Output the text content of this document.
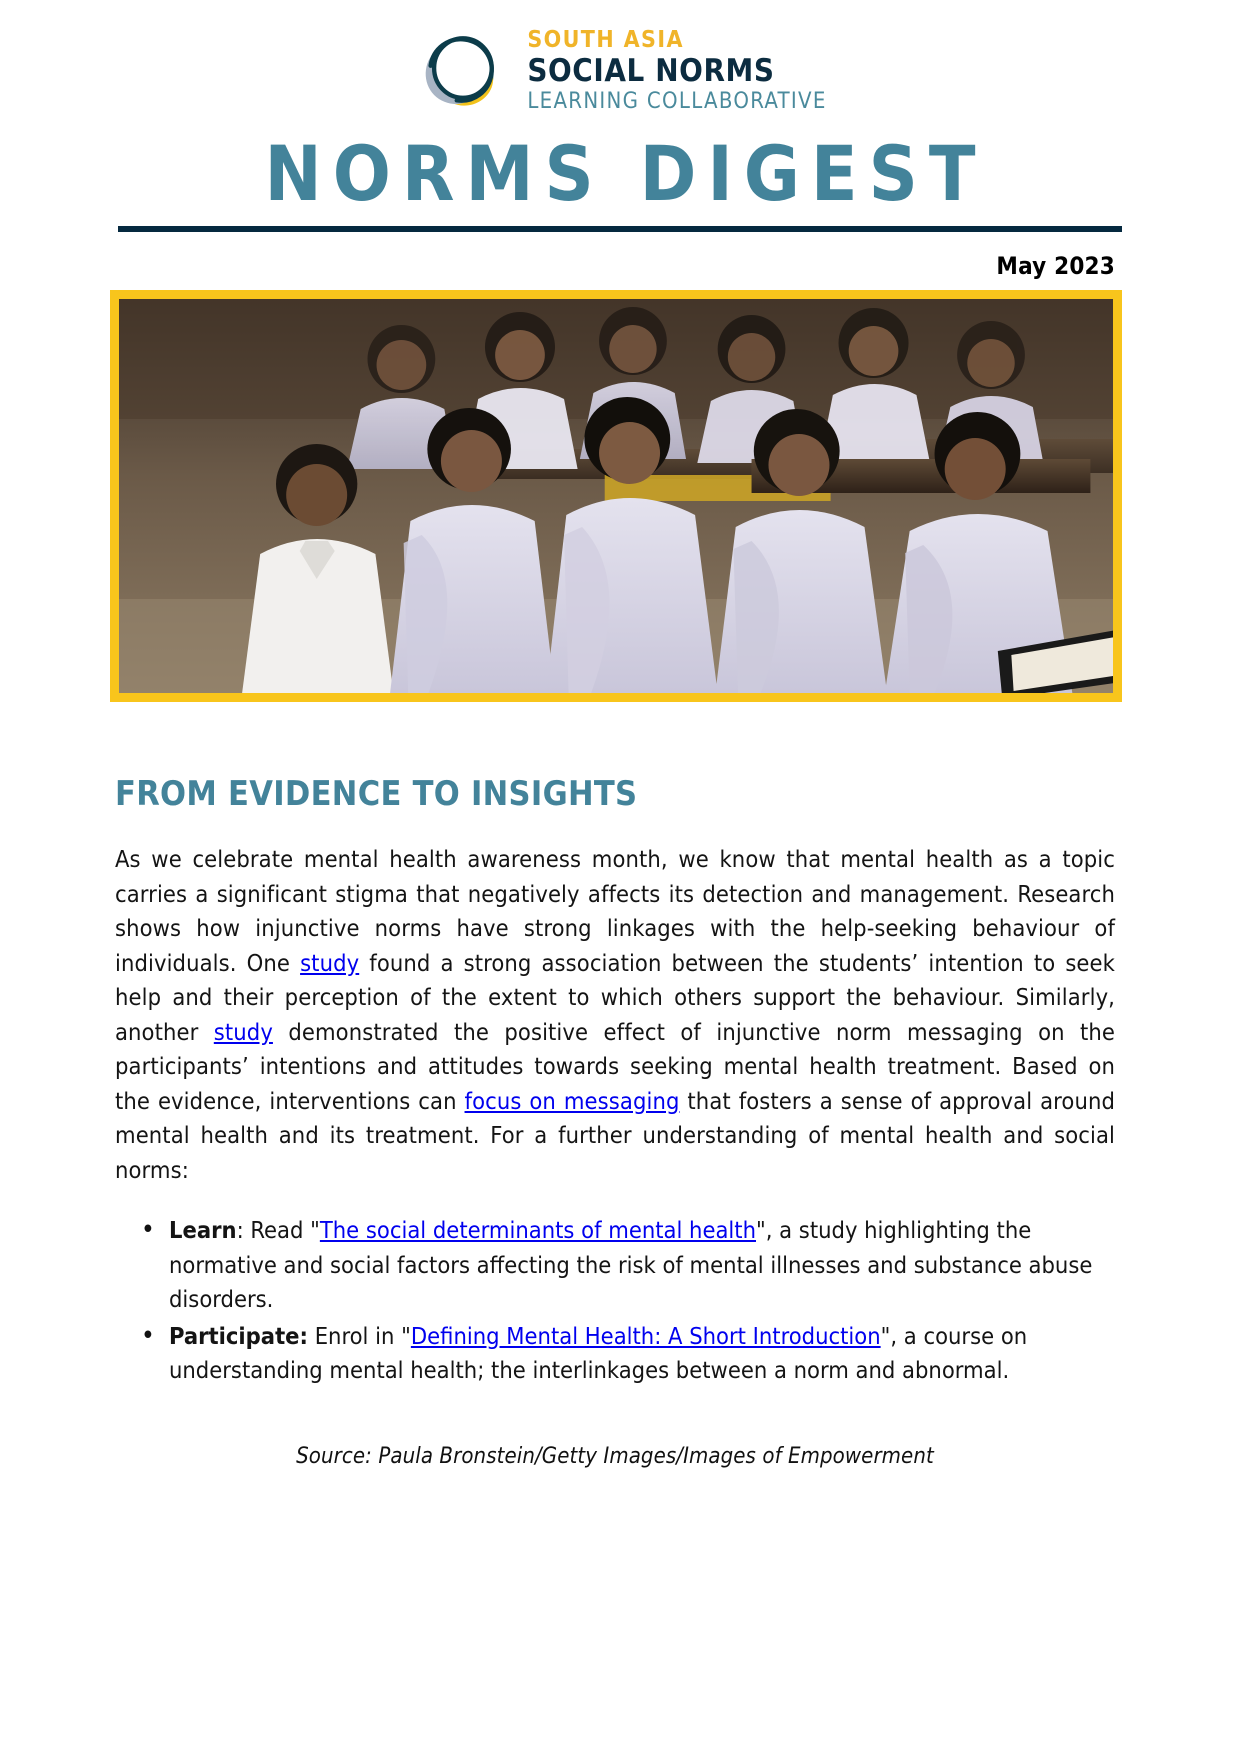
SOUTH ASIA
SOCIAL NORMS
LEARNING COLLABORATIVE
NORMS DIGEST
May 2023
FROM EVIDENCE TO INSIGHTS

As we celebrate mental health awareness month, we know that mental health as a topic carries a significant stigma that negatively affects its detection and management. Research shows how injunctive norms have strong linkages with the help-seeking behaviour of individuals. One study found a strong association between the students’ intention to seek help and their perception of the extent to which others support the behaviour. Similarly, another study demonstrated the positive effect of injunctive norm messaging on the participants’ intentions and attitudes towards seeking mental health treatment. Based on the evidence, interventions can focus on messaging that fosters a sense of approval around mental health and its treatment. For a further understanding of mental health and social norms:

• Learn: Read "The social determinants of mental health", a study highlighting the normative and social factors affecting the risk of mental illnesses and substance abuse disorders.
• Participate: Enrol in "Defining Mental Health: A Short Introduction", a course on understanding mental health; the interlinkages between a norm and abnormal.
Source: Paula Bronstein/Getty Images/Images of Empowerment
